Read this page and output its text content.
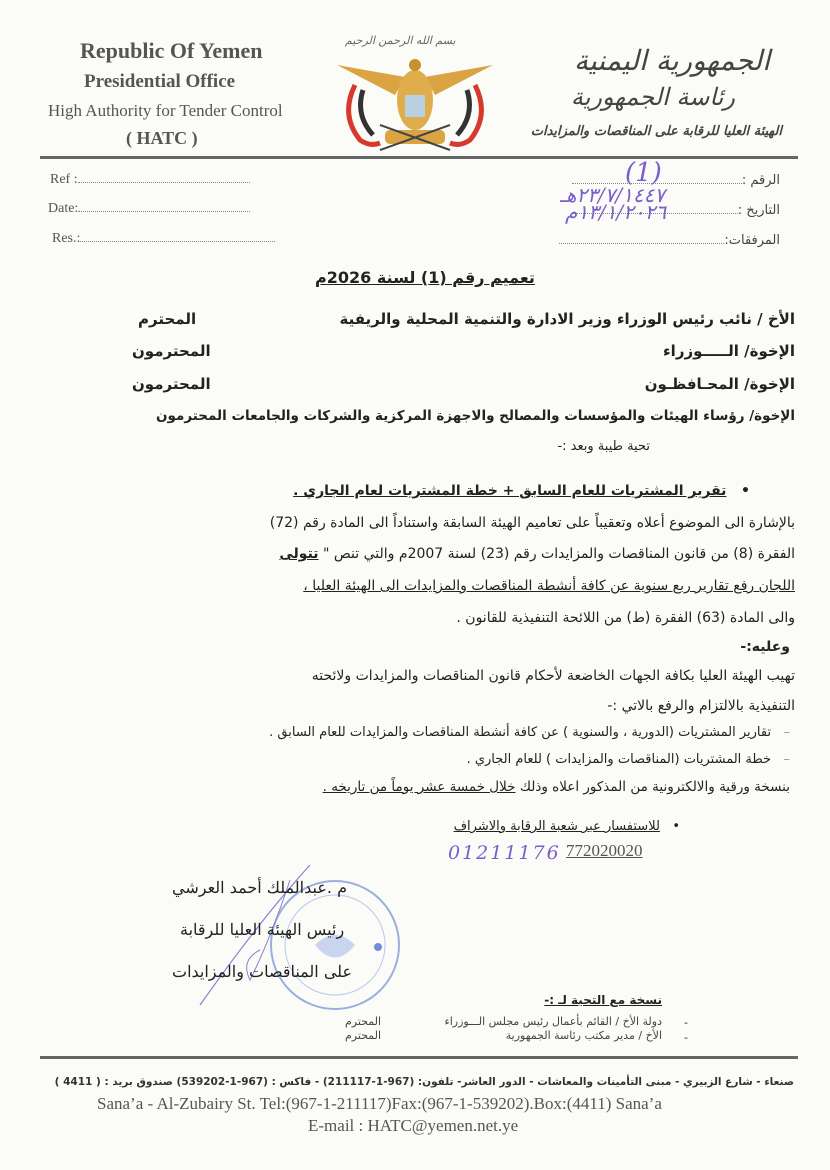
Republic Of Yemen
Presidential Office
High Authority for Tender Control
( HATC )
بسم الله الرحمن الرحيم
الجمهورية اليمنية
رئاسة الجمهورية
الهيئة العليا للرقابة على المناقصات والمزايدات
Ref :
Date:
Res.:
الرقم :
التاريخ :
المرفقات:
(1)
٢٣/٧/١٤٤٧هـ
١٣/١/٢٠٢٦م
تعميم رقم (1) لسنة 2026م
الأخ / نائب رئيس الوزراء وزير الادارة والتنمية المحلية والريفية
المحترم
الإخوة/ الـــــوزراء
المحترمون
الإخوة/ المحـافظـون
المحترمون
الإخوة/ رؤساء الهيئات والمؤسسات والمصالح والاجهزة المركزية والشركات والجامعات المحترمون
تحية طيبة وبعد :-
•   تقرير المشتريات للعام السابق + خطة المشتريات لعام الجاري .
بالإشارة الى الموضوع أعلاه وتعقيباً على تعاميم الهيئة السابقة واستناداً الى المادة رقم (72)
الفقرة (8) من قانون المناقصات والمزايدات رقم (23) لسنة 2007م والتي تنص " تتولى
اللجان رفع تقارير ربع سنوية عن كافة أنشطة المناقصات والمزايدات الى الهيئة العليا ،
والى المادة (63) الفقرة (ط) من اللائحة التنفيذية للقانون .
وعليه:-
تهيب الهيئة العليا بكافة الجهات الخاضعة لأحكام قانون المناقصات والمزايدات ولائحته
التنفيذية بالالتزام والرفع بالاتي :-
–   تقارير المشتريات (الدورية ، والسنوية ) عن كافة أنشطة المناقصات والمزايدات للعام السابق .
–   خطة المشتريات (المناقصات والمزايدات ) للعام الجاري .
بنسخة ورقية والالكترونية من المذكور اعلاه وذلك خلال خمسة عشر يوماً من تاريخه .
•   للاستفسار عبر شعبة الرقابة والاشراف
772020020
01211176
م .عبدالملك أحمد العرشي
رئيس الهيئة العليا للرقابة
على المناقصات والمزايدات
نسخة مع التحية لـ :-
دولة الأخ / القائم بأعمال رئيس مجلس الـــوزراء
المحترم
الأخ / مدير مكتب رئاسة الجمهورية
المحترم
-
-
صنعاء - شارع الزبيري - مبنى التأمينات والمعاشات - الدور العاشر- تلفون: (967-1-211117) - فاكس : (967-1-539202) صندوق بريد : ( 4411 )
Sana’a - Al-Zubairy St. Tel:(967-1-211117)Fax:(967-1-539202).Box:(4411) Sana’a
E-mail : HATC@yemen.net.ye
